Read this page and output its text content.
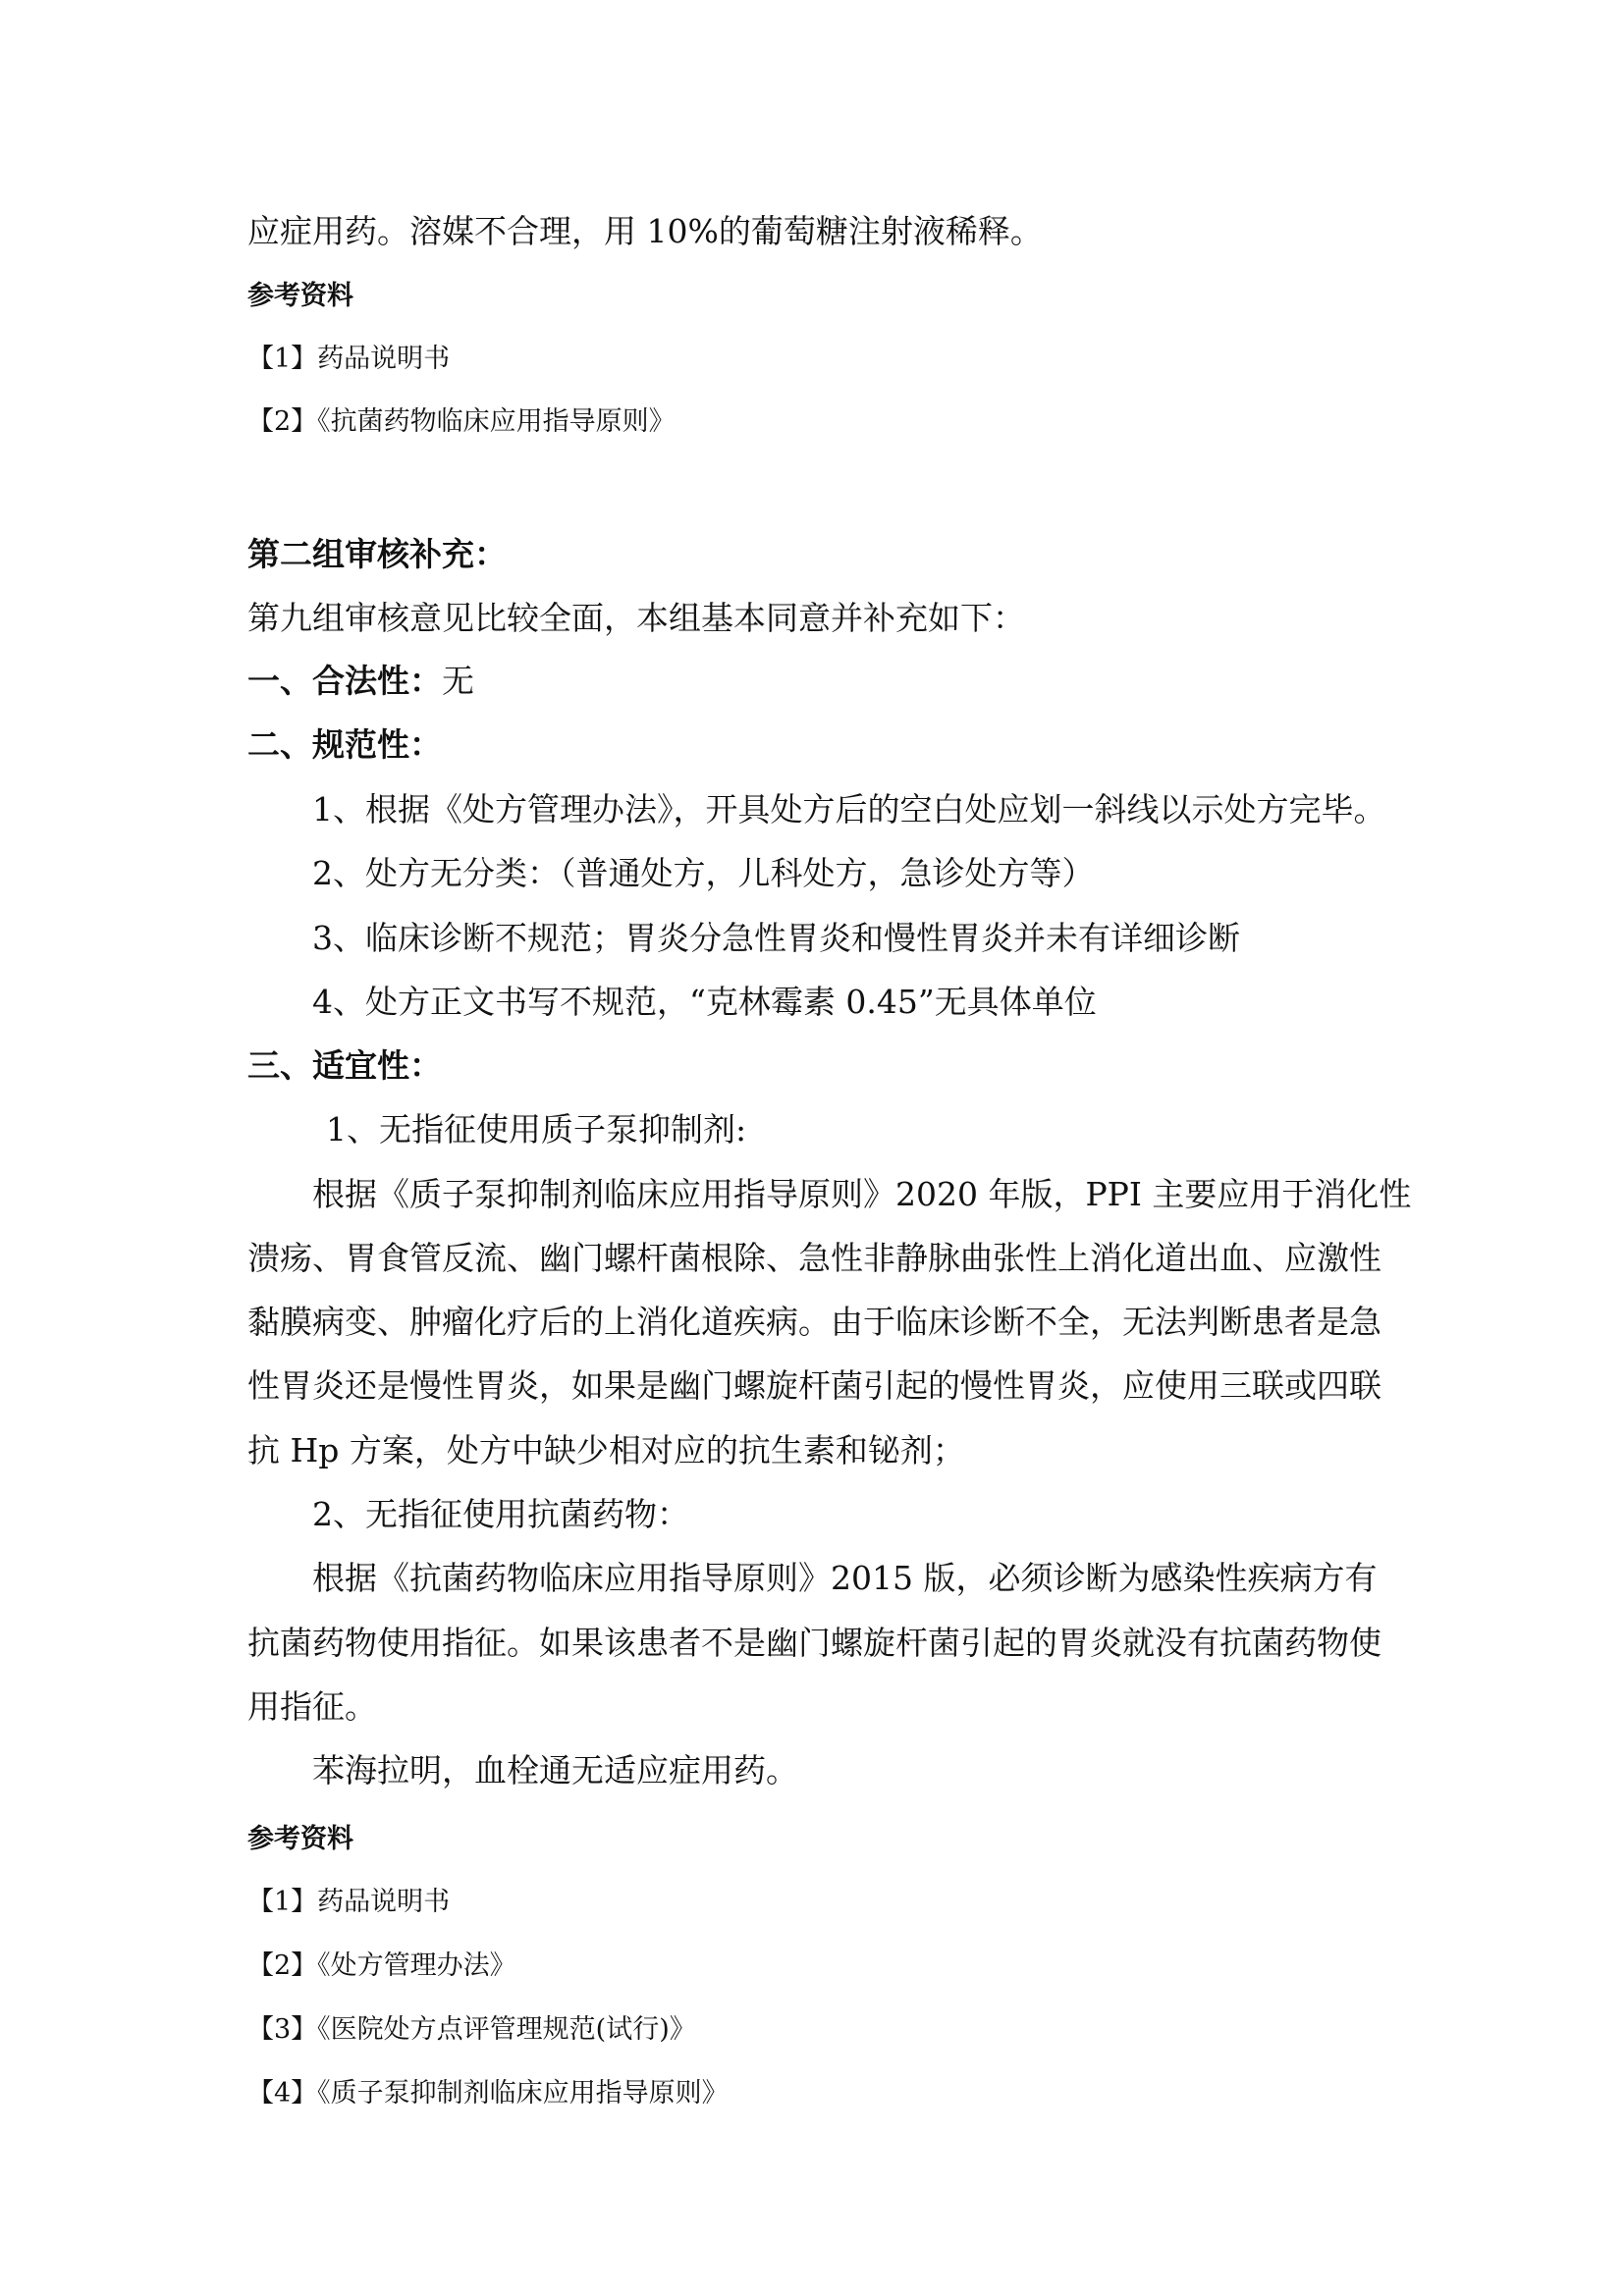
应症用药。溶媒不合理，用 10%的葡萄糖注射液稀释。
参考资料
【1】药品说明书
【2】《抗菌药物临床应用指导原则》
第二组审核补充：
第九组审核意见比较全面，本组基本同意并补充如下：
一、合法性：无
二、规范性：
1、根据《处方管理办法》，开具处方后的空白处应划一斜线以示处方完毕。
2、处方无分类：（普通处方，儿科处方，急诊处方等）
3、临床诊断不规范；胃炎分急性胃炎和慢性胃炎并未有详细诊断
4、处方正文书写不规范，“克林霉素 0.45”无具体单位
三、适宜性：
1、无指征使用质子泵抑制剂:
根据《质子泵抑制剂临床应用指导原则》2020 年版，PPI 主要应用于消化性
溃疡、胃食管反流、幽门螺杆菌根除、急性非静脉曲张性上消化道出血、应激性
黏膜病变、肿瘤化疗后的上消化道疾病。由于临床诊断不全，无法判断患者是急
性胃炎还是慢性胃炎，如果是幽门螺旋杆菌引起的慢性胃炎，应使用三联或四联
抗 Hp 方案，处方中缺少相对应的抗生素和铋剂；
2、无指征使用抗菌药物：
根据《抗菌药物临床应用指导原则》2015 版，必须诊断为感染性疾病方有
抗菌药物使用指征。如果该患者不是幽门螺旋杆菌引起的胃炎就没有抗菌药物使
用指征。
苯海拉明，血栓通无适应症用药。
参考资料
【1】药品说明书
【2】《处方管理办法》
【3】《医院处方点评管理规范(试行)》
【4】《质子泵抑制剂临床应用指导原则》
